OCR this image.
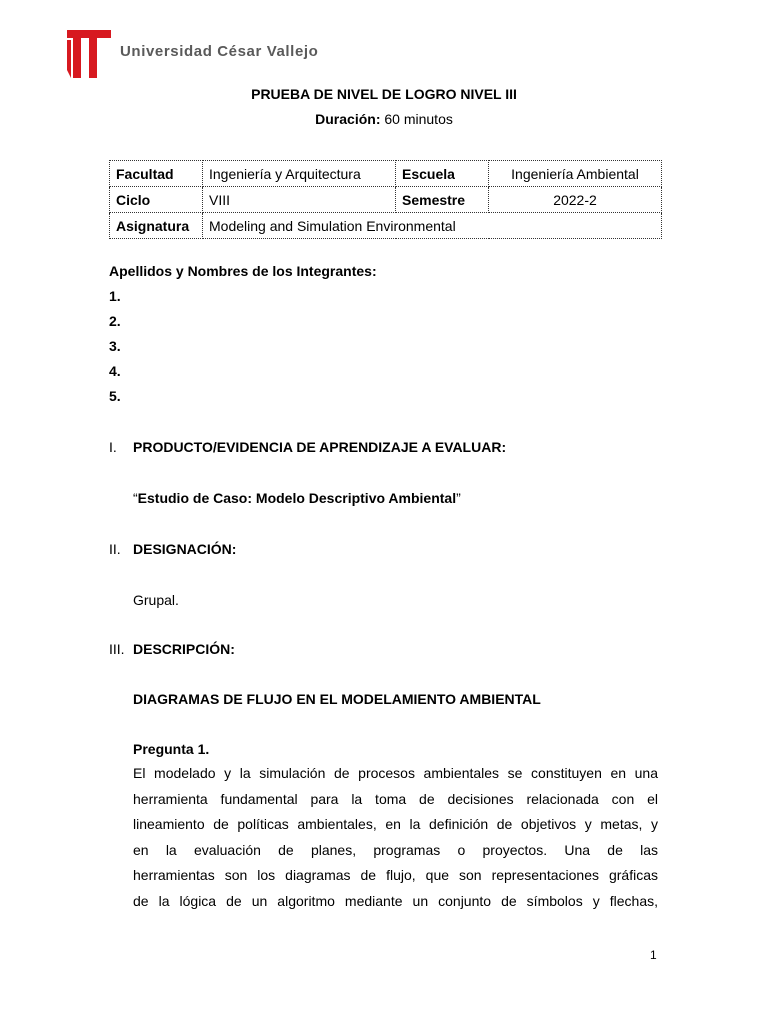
Universidad César Vallejo
PRUEBA DE NIVEL DE LOGRO NIVEL III
Duración: 60 minutos
Facultad	Ingeniería y Arquitectura	Escuela	Ingeniería Ambiental
Ciclo	VIII	Semestre	2022-2
Asignatura	Modeling and Simulation Environmental		
Apellidos y Nombres de los Integrantes:
1.
2.
3.
4.
5.
I. PRODUCTO/EVIDENCIA DE APRENDIZAJE A EVALUAR:
“Estudio de Caso: Modelo Descriptivo Ambiental”
II. DESIGNACIÓN:
Grupal.
III. DESCRIPCIÓN:
DIAGRAMAS DE FLUJO EN EL MODELAMIENTO AMBIENTAL
Pregunta 1.
El modelado y la simulación de procesos ambientales se constituyen en una
herramienta fundamental para la toma de decisiones relacionada con el
lineamiento de políticas ambientales, en la definición de objetivos y metas, y
en la evaluación de planes, programas o proyectos. Una de las
herramientas son los diagramas de flujo, que son representaciones gráficas
de la lógica de un algoritmo mediante un conjunto de símbolos y flechas,
1
